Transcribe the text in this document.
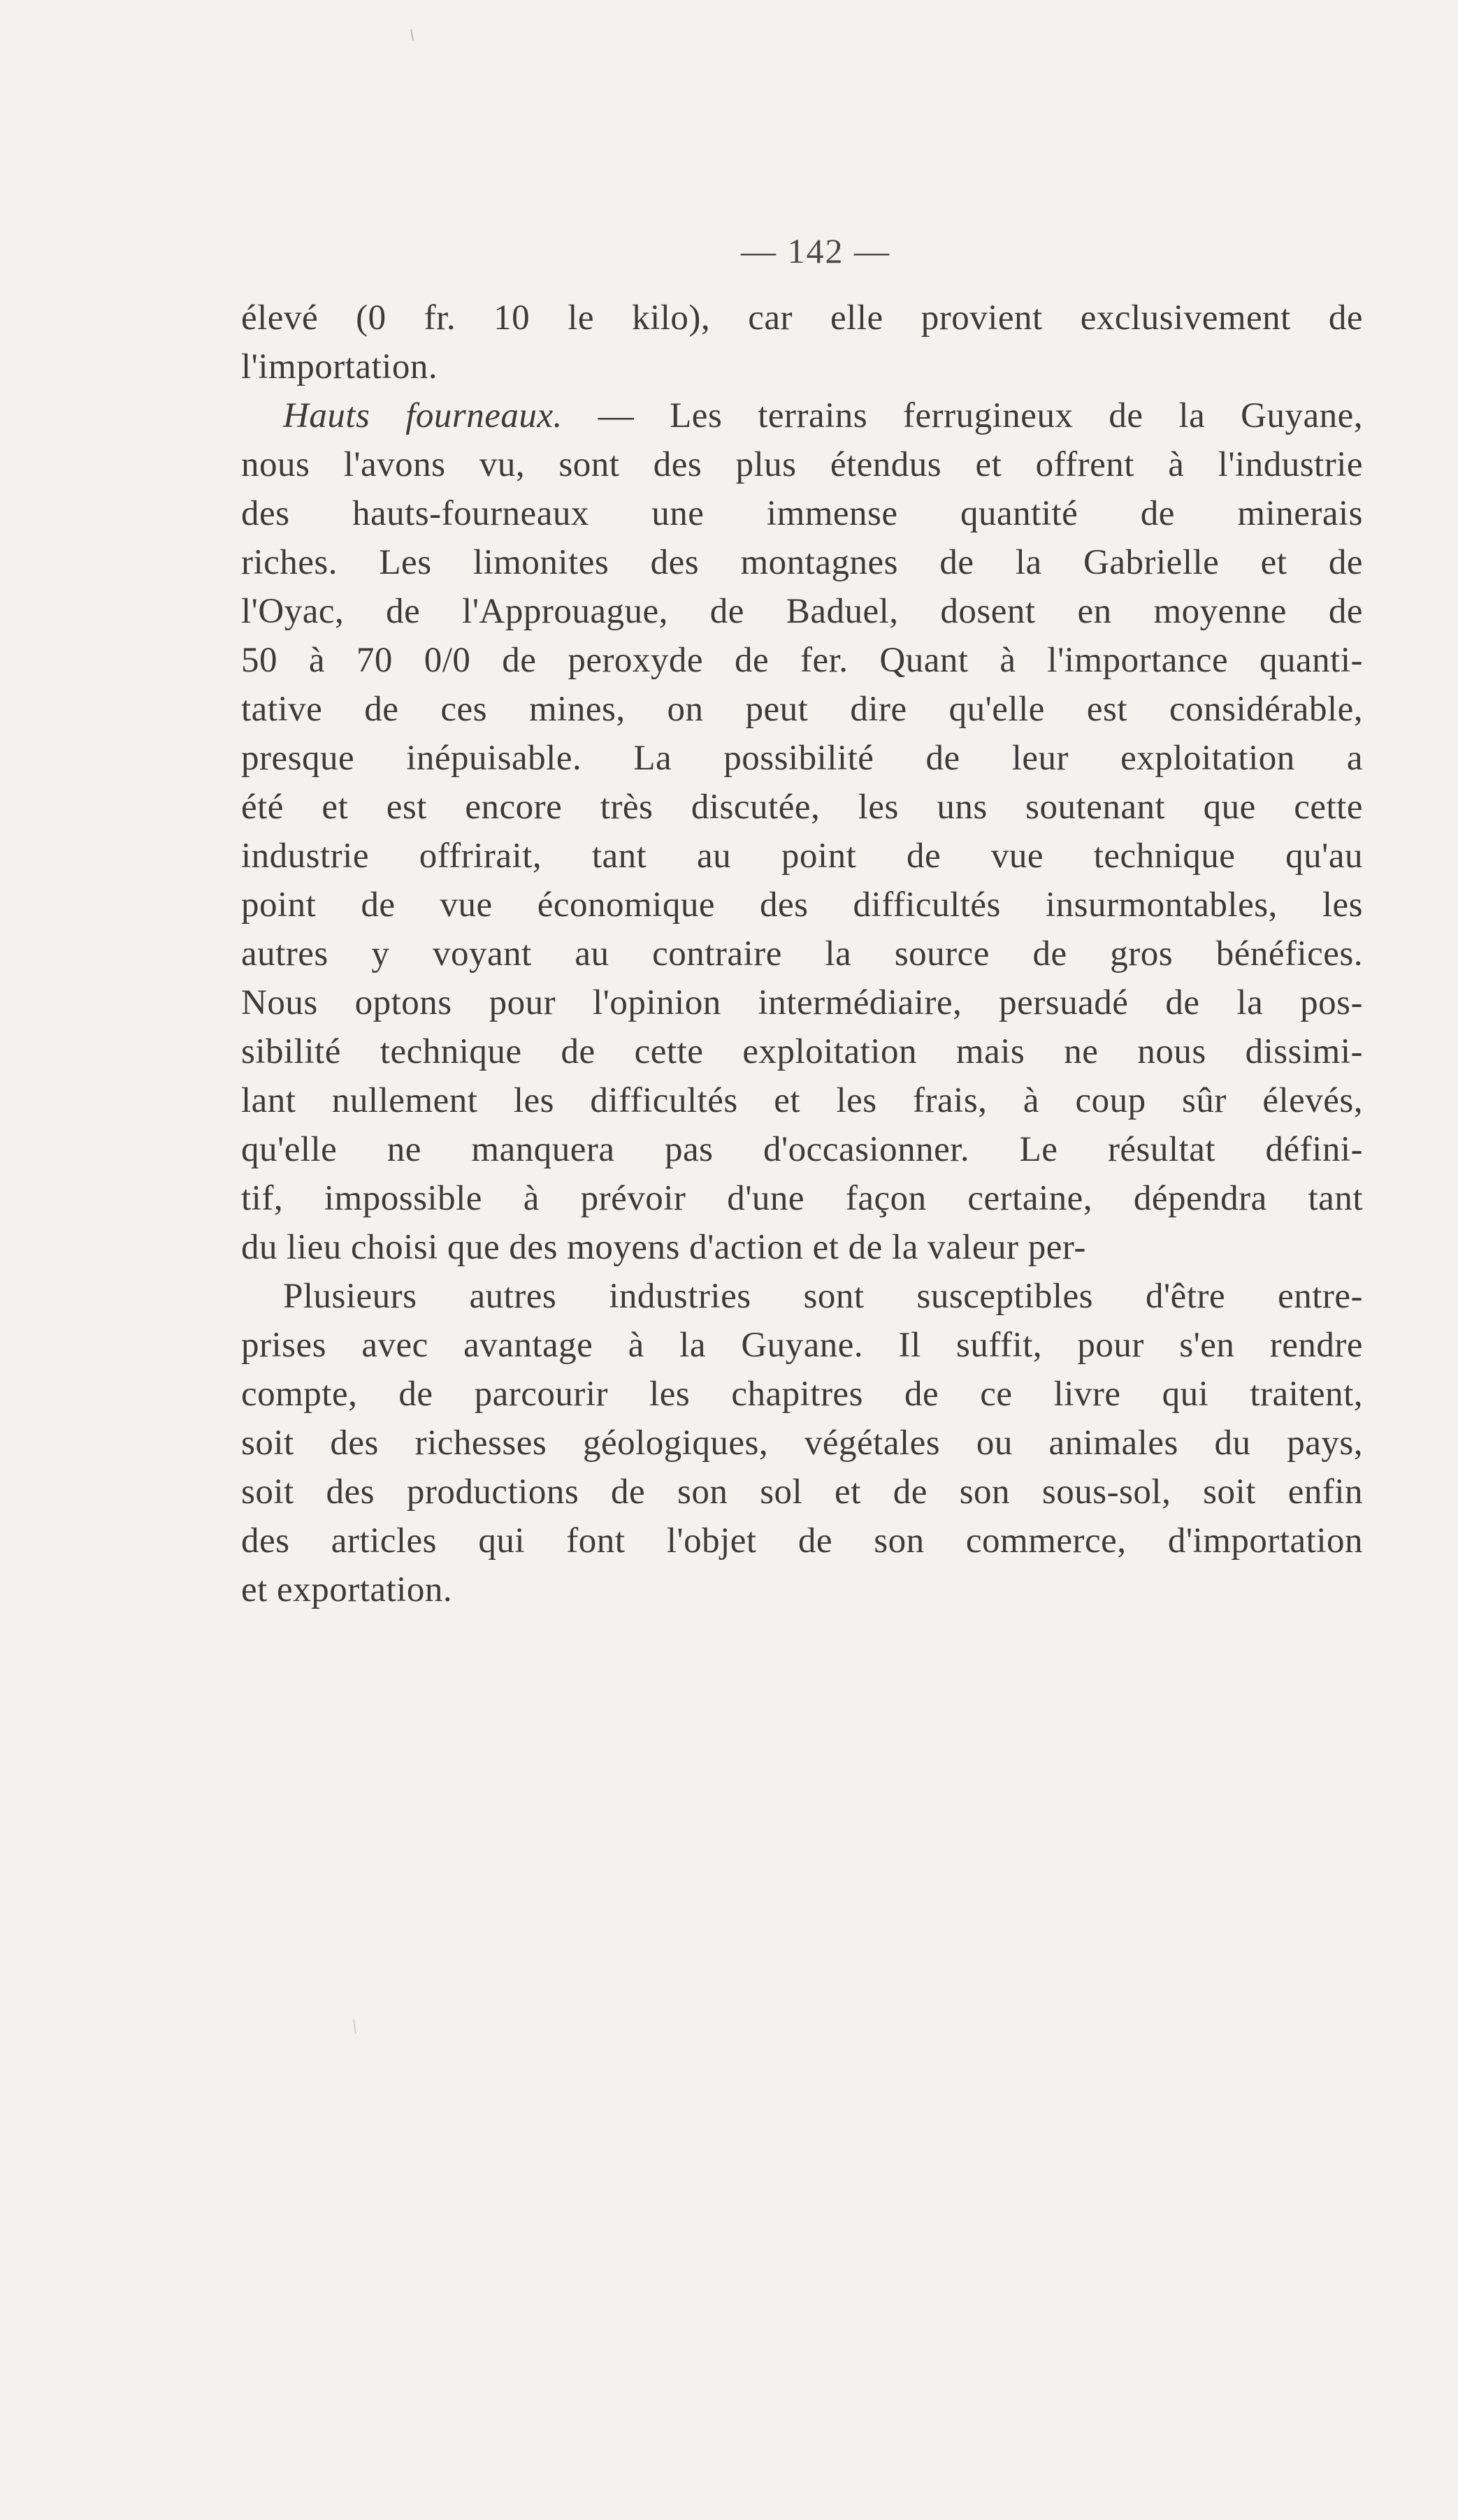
— 142 —
élevé (0 fr. 10 le kilo), car elle provient exclusivement de
l'importation.
Hauts fourneaux. — Les terrains ferrugineux de la Guyane,
nous l'avons vu, sont des plus étendus et offrent à l'industrie
des hauts-fourneaux une immense quantité de minerais
riches. Les limonites des montagnes de la Gabrielle et de
l'Oyac, de l'Approuague, de Baduel, dosent en moyenne de
50 à 70 0/0 de peroxyde de fer. Quant à l'importance quanti-
tative de ces mines, on peut dire qu'elle est considérable,
presque inépuisable. La possibilité de leur exploitation a
été et est encore très discutée, les uns soutenant que cette
industrie offrirait, tant au point de vue technique qu'au
point de vue économique des difficultés insurmontables, les
autres y voyant au contraire la source de gros bénéfices.
Nous optons pour l'opinion intermédiaire, persuadé de la pos-
sibilité technique de cette exploitation mais ne nous dissimi-
lant nullement les difficultés et les frais, à coup sûr élevés,
qu'elle ne manquera pas d'occasionner. Le résultat défini-
tif, impossible à prévoir d'une façon certaine, dépendra tant
du lieu choisi que des moyens d'action et de la valeur per-
Plusieurs autres industries sont susceptibles d'être entre-
prises avec avantage à la Guyane. Il suffit, pour s'en rendre
compte, de parcourir les chapitres de ce livre qui traitent,
soit des richesses géologiques, végétales ou animales du pays,
soit des productions de son sol et de son sous-sol, soit enfin
des articles qui font l'objet de son commerce, d'importation
et exportation.
